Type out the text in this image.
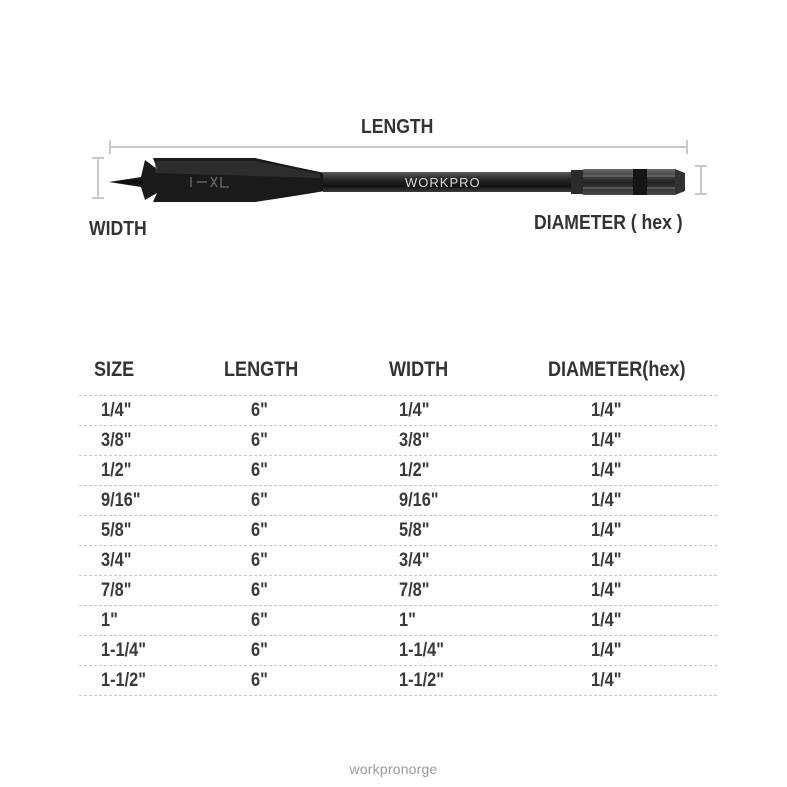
LENGTH
WIDTH	DIAMETER ( hex )
WORKPRO
SIZE	LENGTH	WIDTH	DIAMETER(hex)
1/4"	6"	1/4"	1/4"
3/8"	6"	3/8"	1/4"
1/2"	6"	1/2"	1/4"
9/16"	6"	9/16"	1/4"
5/8"	6"	5/8"	1/4"
3/4"	6"	3/4"	1/4"
7/8"	6"	7/8"	1/4"
1"	6"	1"	1/4"
1-1/4"	6"	1-1/4"	1/4"
1-1/2"	6"	1-1/2"	1/4"
workpronorge
